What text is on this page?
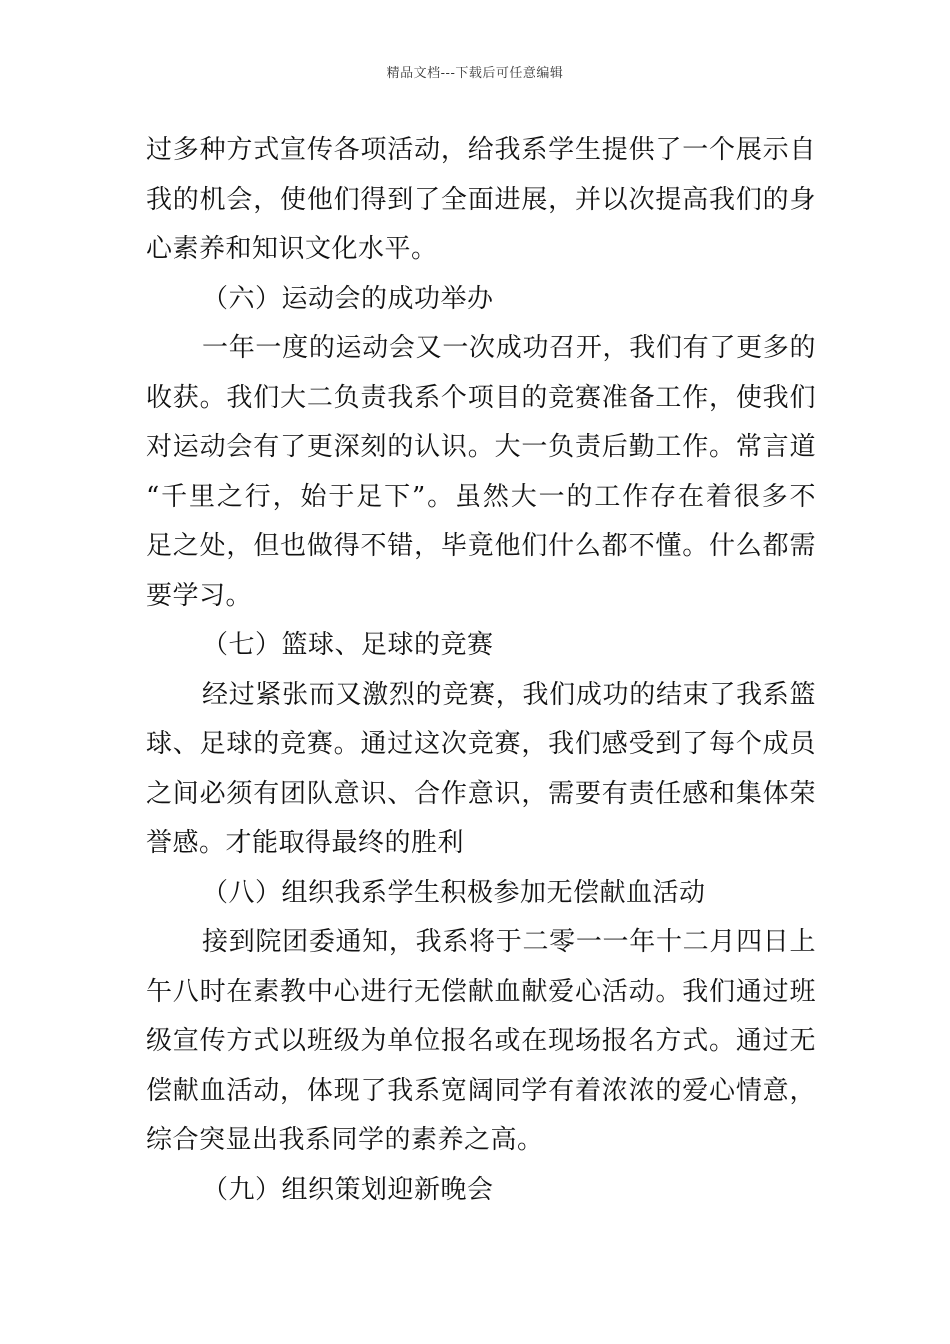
精品文档---下载后可任意编辑
过多种方式宣传各项活动，给我系学生提供了一个展示自
我的机会，使他们得到了全面进展，并以次提高我们的身
心素养和知识文化水平。
（六）运动会的成功举办
一年一度的运动会又一次成功召开，我们有了更多的
收获。我们大二负责我系个项目的竞赛准备工作，使我们
对运动会有了更深刻的认识。大一负责后勤工作。常言道
“千里之行，始于足下”。虽然大一的工作存在着很多不
足之处，但也做得不错，毕竟他们什么都不懂。什么都需
要学习。
（七）篮球、足球的竞赛
经过紧张而又激烈的竞赛，我们成功的结束了我系篮
球、足球的竞赛。通过这次竞赛，我们感受到了每个成员
之间必须有团队意识、合作意识，需要有责任感和集体荣
誉感。才能取得最终的胜利
（八）组织我系学生积极参加无偿献血活动
接到院团委通知，我系将于二零一一年十二月四日上
午八时在素教中心进行无偿献血献爱心活动。我们通过班
级宣传方式以班级为单位报名或在现场报名方式。通过无
偿献血活动，体现了我系宽阔同学有着浓浓的爱心情意，
综合突显出我系同学的素养之高。
（九）组织策划迎新晚会
